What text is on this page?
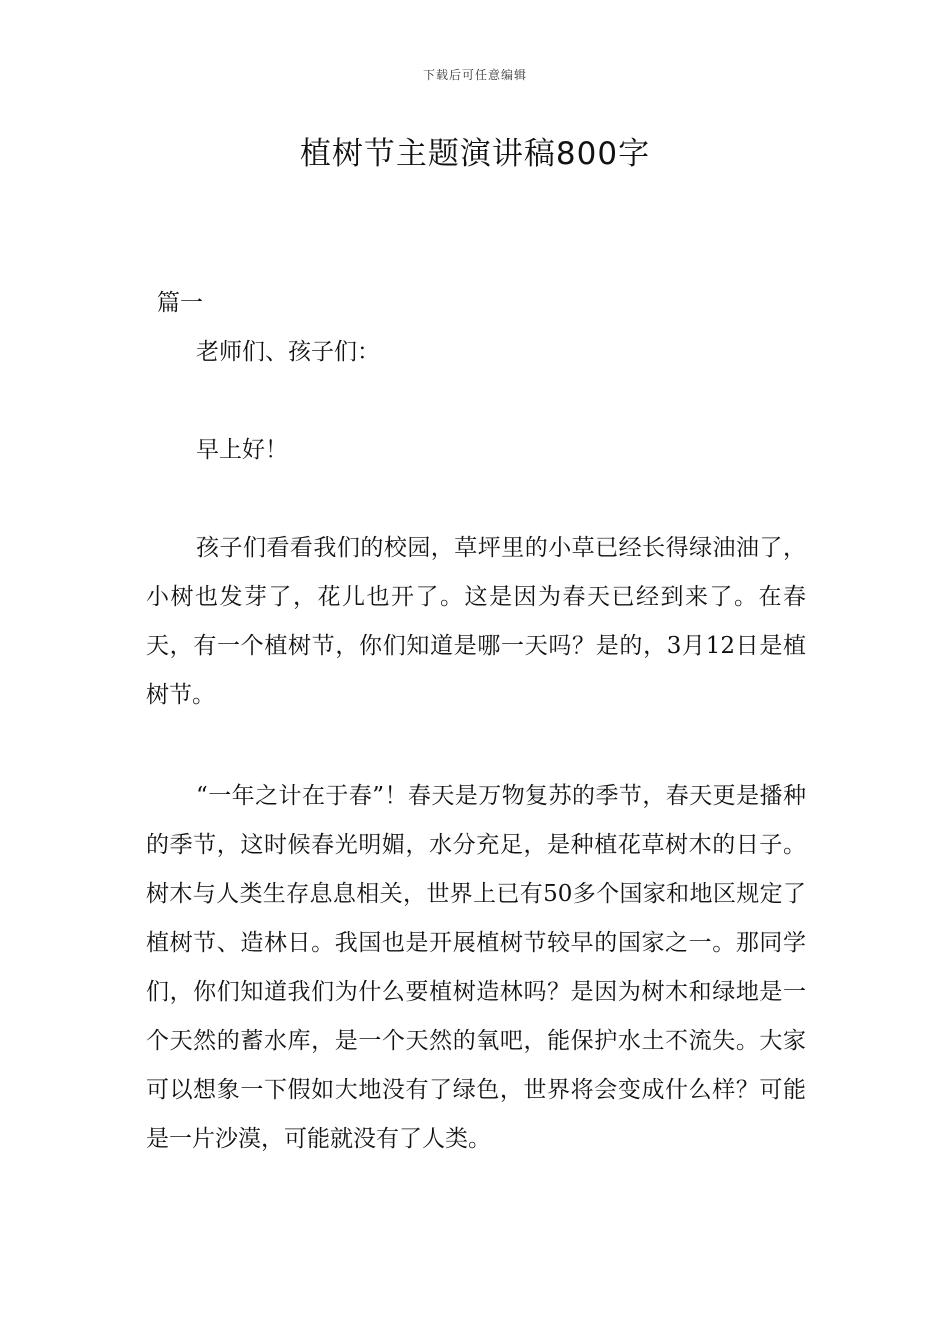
下载后可任意编辑
植树节主题演讲稿800字
篇一

老师们、孩子们：

早上好！

孩子们看看我们的校园，草坪里的小草已经长得绿油油了，小树也发芽了，花儿也开了。这是因为春天已经到来了。在春天，有一个植树节，你们知道是哪一天吗？是的，3月12日是植树节。

“一年之计在于春”！春天是万物复苏的季节，春天更是播种的季节，这时候春光明媚，水分充足，是种植花草树木的日子。树木与人类生存息息相关，世界上已有50多个国家和地区规定了植树节、造林日。我国也是开展植树节较早的国家之一。那同学们，你们知道我们为什么要植树造林吗？是因为树木和绿地是一个天然的蓄水库，是一个天然的氧吧，能保护水土不流失。大家可以想象一下假如大地没有了绿色，世界将会变成什么样？可能是一片沙漠，可能就没有了人类。
